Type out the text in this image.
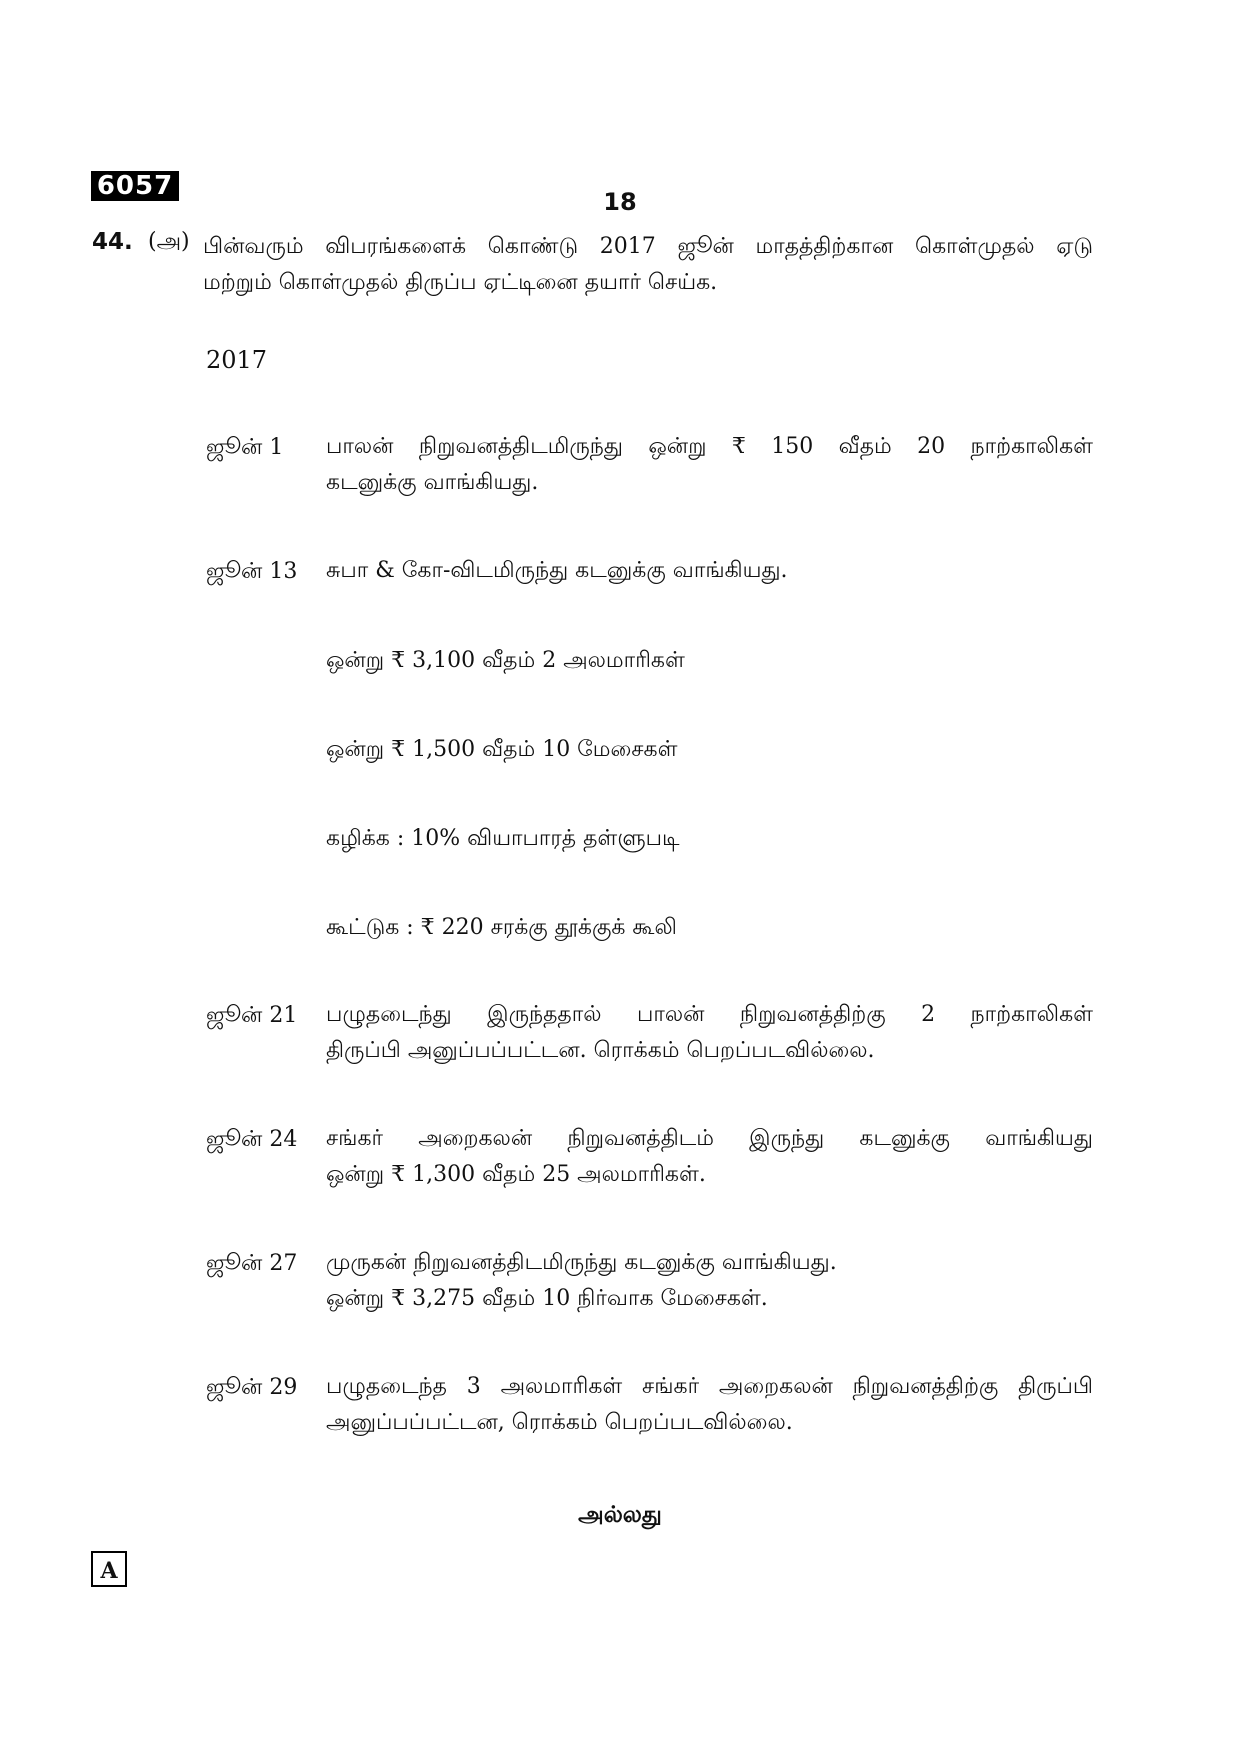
6057
18
44. (அ) பின்வரும் விபரங்களைக் கொண்டு 2017 ஜூன் மாதத்திற்கான கொள்முதல் ஏடு
மற்றும் கொள்முதல் திருப்ப ஏட்டினை தயார் செய்க.
2017
ஜூன் 1 பாலன் நிறுவனத்திடமிருந்து ஒன்று ₹ 150 வீதம் 20 நாற்காலிகள்
கடனுக்கு வாங்கியது.
ஜூன் 13 சுபா & கோ-விடமிருந்து கடனுக்கு வாங்கியது.
ஒன்று ₹ 3,100 வீதம் 2 அலமாரிகள்
ஒன்று ₹ 1,500 வீதம் 10 மேசைகள்
கழிக்க : 10% வியாபாரத் தள்ளுபடி
கூட்டுக : ₹ 220 சரக்கு தூக்குக் கூலி
ஜூன் 21 பழுதடைந்து இருந்ததால் பாலன் நிறுவனத்திற்கு 2 நாற்காலிகள்
திருப்பி அனுப்பப்பட்டன. ரொக்கம் பெறப்படவில்லை.
ஜூன் 24 சங்கர் அறைகலன் நிறுவனத்திடம் இருந்து கடனுக்கு வாங்கியது
ஒன்று ₹ 1,300 வீதம் 25 அலமாரிகள்.
ஜூன் 27 முருகன் நிறுவனத்திடமிருந்து கடனுக்கு வாங்கியது.
ஒன்று ₹ 3,275 வீதம் 10 நிர்வாக மேசைகள்.
ஜூன் 29 பழுதடைந்த 3 அலமாரிகள் சங்கர் அறைகலன் நிறுவனத்திற்கு திருப்பி
அனுப்பப்பட்டன, ரொக்கம் பெறப்படவில்லை.
அல்லது
A
